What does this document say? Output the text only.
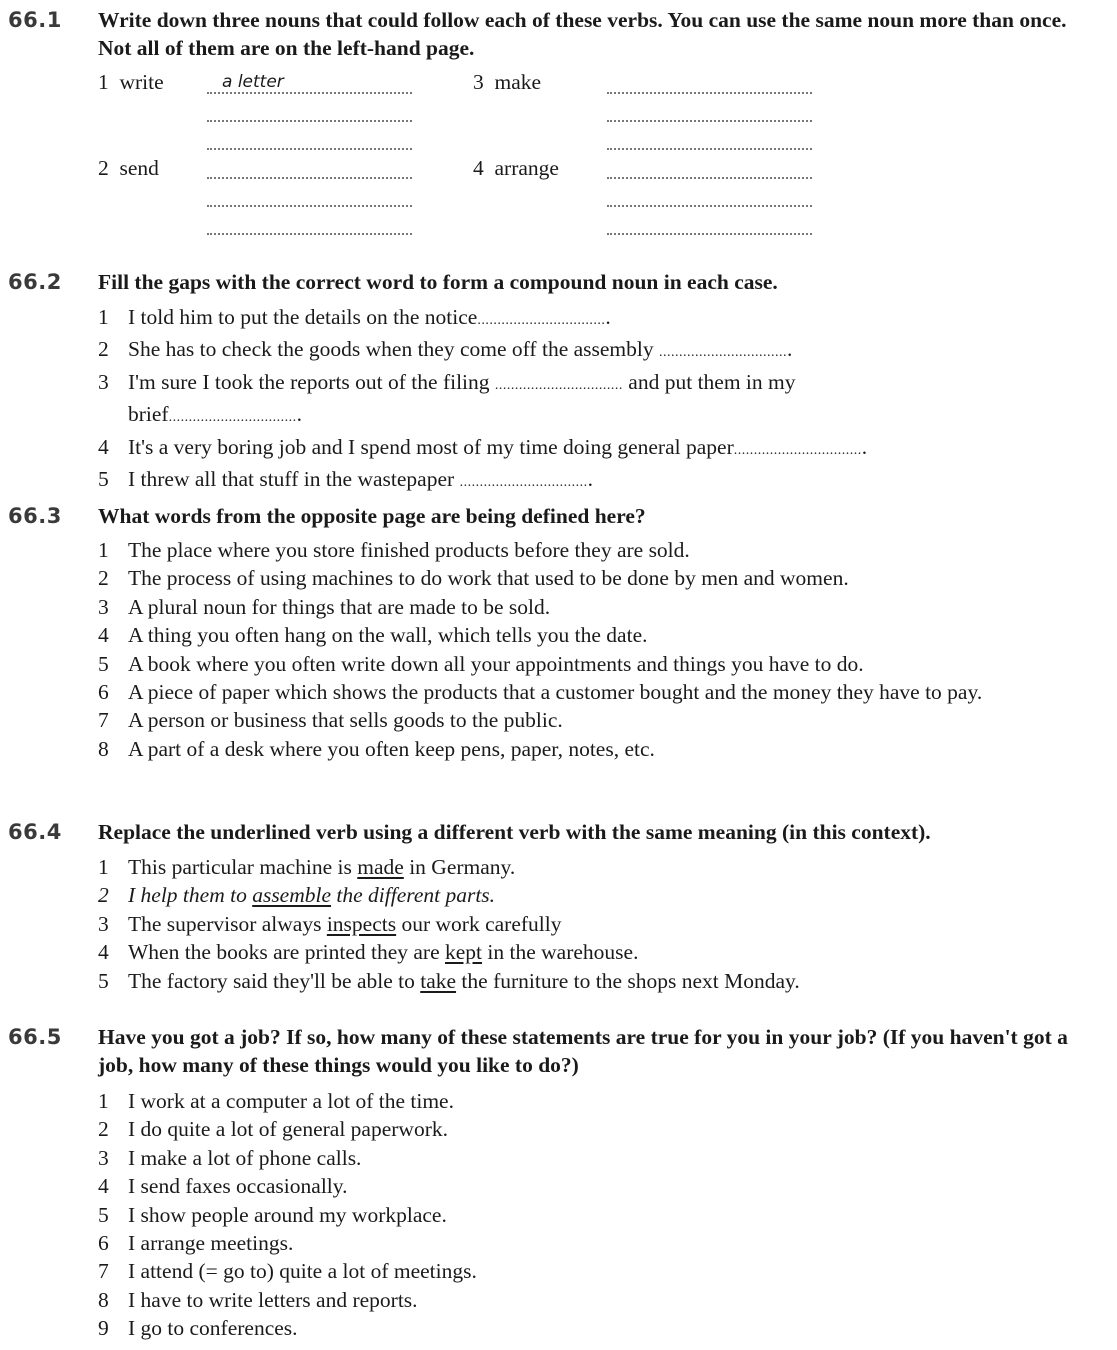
66.1 Write down three nouns that could follow each of these verbs. You can use the same noun more than once. Not all of them are on the left-hand page.
1 write	a letter
2 send
3 make
4 arrange
66.2 Fill the gaps with the correct word to form a compound noun in each case.
1 I told him to put the details on the notice.................................
2 She has to check the goods when they come off the assembly .................................
3 I'm sure I took the reports out of the filing ................................ and put them in my
brief.................................
4 It's a very boring job and I spend most of my time doing general paper.................................
5 I threw all that stuff in the wastepaper .................................
66.3 What words from the opposite page are being defined here?
1 The place where you store finished products before they are sold.
2 The process of using machines to do work that used to be done by men and women.
3 A plural noun for things that are made to be sold.
4 A thing you often hang on the wall, which tells you the date.
5 A book where you often write down all your appointments and things you have to do.
6 A piece of paper which shows the products that a customer bought and the money they have to pay.
7 A person or business that sells goods to the public.
8 A part of a desk where you often keep pens, paper, notes, etc.
66.4 Replace the underlined verb using a different verb with the same meaning (in this context).
1 This particular machine is made in Germany.
2 I help them to assemble the different parts.
3 The supervisor always inspects our work carefully
4 When the books are printed they are kept in the warehouse.
5 The factory said they'll be able to take the furniture to the shops next Monday.
66.5 Have you got a job? If so, how many of these statements are true for you in your job? (If you haven't got a job, how many of these things would you like to do?)
1 I work at a computer a lot of the time.
2 I do quite a lot of general paperwork.
3 I make a lot of phone calls.
4 I send faxes occasionally.
5 I show people around my workplace.
6 I arrange meetings.
7 I attend (= go to) quite a lot of meetings.
8 I have to write letters and reports.
9 I go to conferences.
